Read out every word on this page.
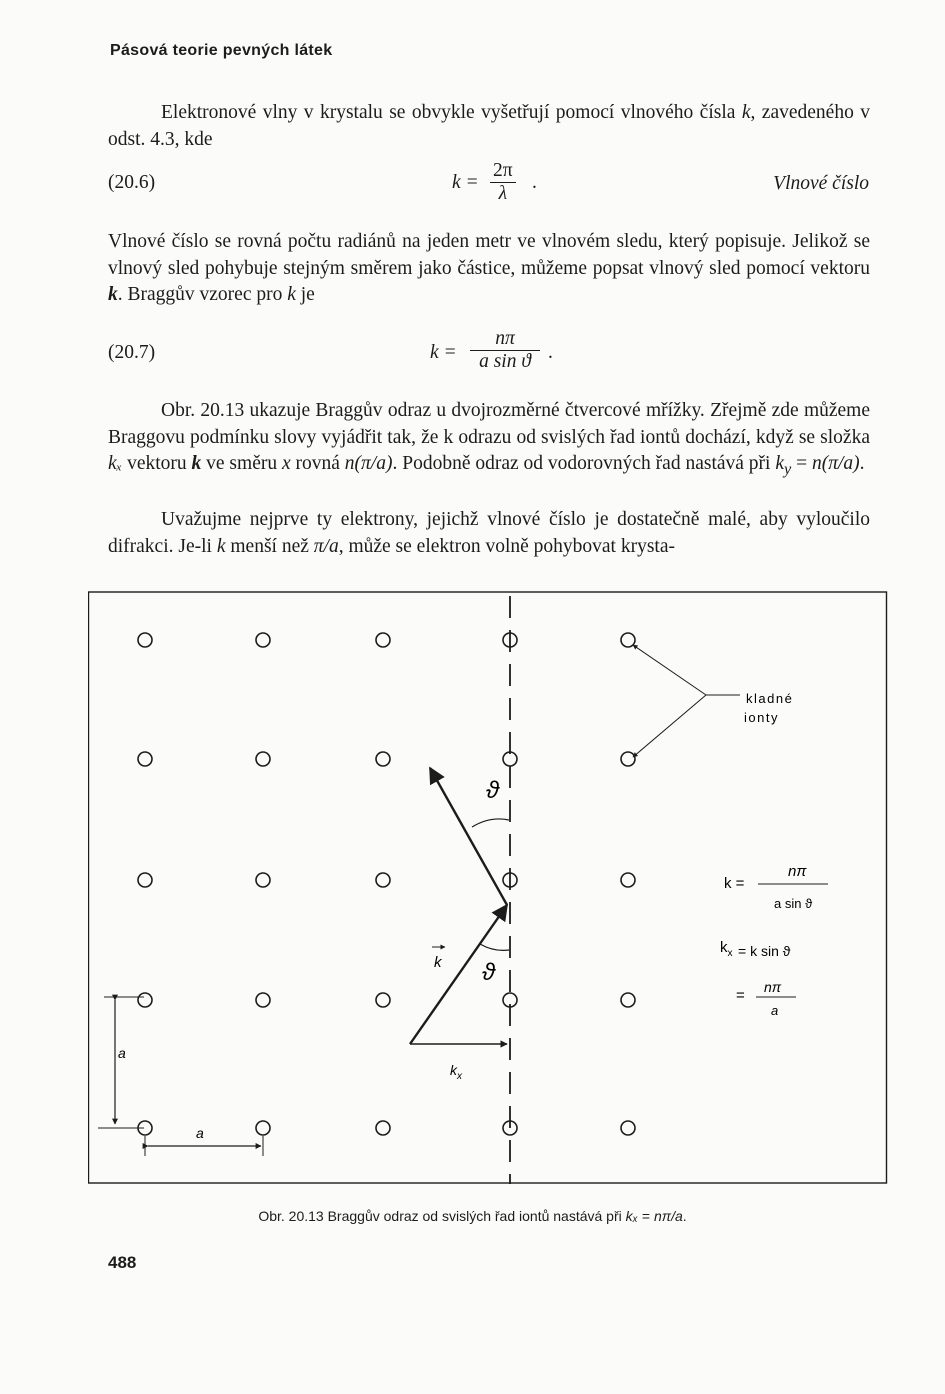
Pásová teorie pevných látek

Elektronové vlny v krystalu se obvykle vyšetřují pomocí vlnového čísla k, zavedeného v odst. 4.3, kde

(20.6)	$k = \frac{2\pi}{\lambda}$ .	Vlnové číslo

Vlnové číslo se rovná počtu radiánů na jeden metr ve vlnovém sledu, který popisuje. Jelikož se vlnový sled pohybuje stejným směrem jako částice, můžeme popsat vlnový sled pomocí vektoru k. Braggův vzorec pro k je

(20.7)	$k = \frac{n\pi}{\text{a sin ϑ}}$ .

Obr. 20.13 ukazuje Braggův odraz u dvojrozměrné čtvercové mřížky. Zřejmě zde můžeme Braggovu podmínku slovy vyjádřit tak, že k odrazu od svislých řad iontů dochází, když se složka kₓ vektoru k ve směru x rovná n(π/a). Podobně odraz od vodorovných řad nastává při $k_y = n(\pi/a)$.

Uvažujme nejprve ty elektrony, jejichž vlnové číslo je dostatečně malé, aby vyloučilo difrakci. Je-li k menší než π/a, může se elektron volně pohybovat krysta-

kladné
ionty
ϑ
ϑ
k
$k_x$
a
a
k =
nπ
a sin ϑ
$k_x = k$ sin ϑ
= nπ
a
Obr. 20.13 Braggův odraz od svislých řad iontů nastává při kₓ = nπ/a.
488
